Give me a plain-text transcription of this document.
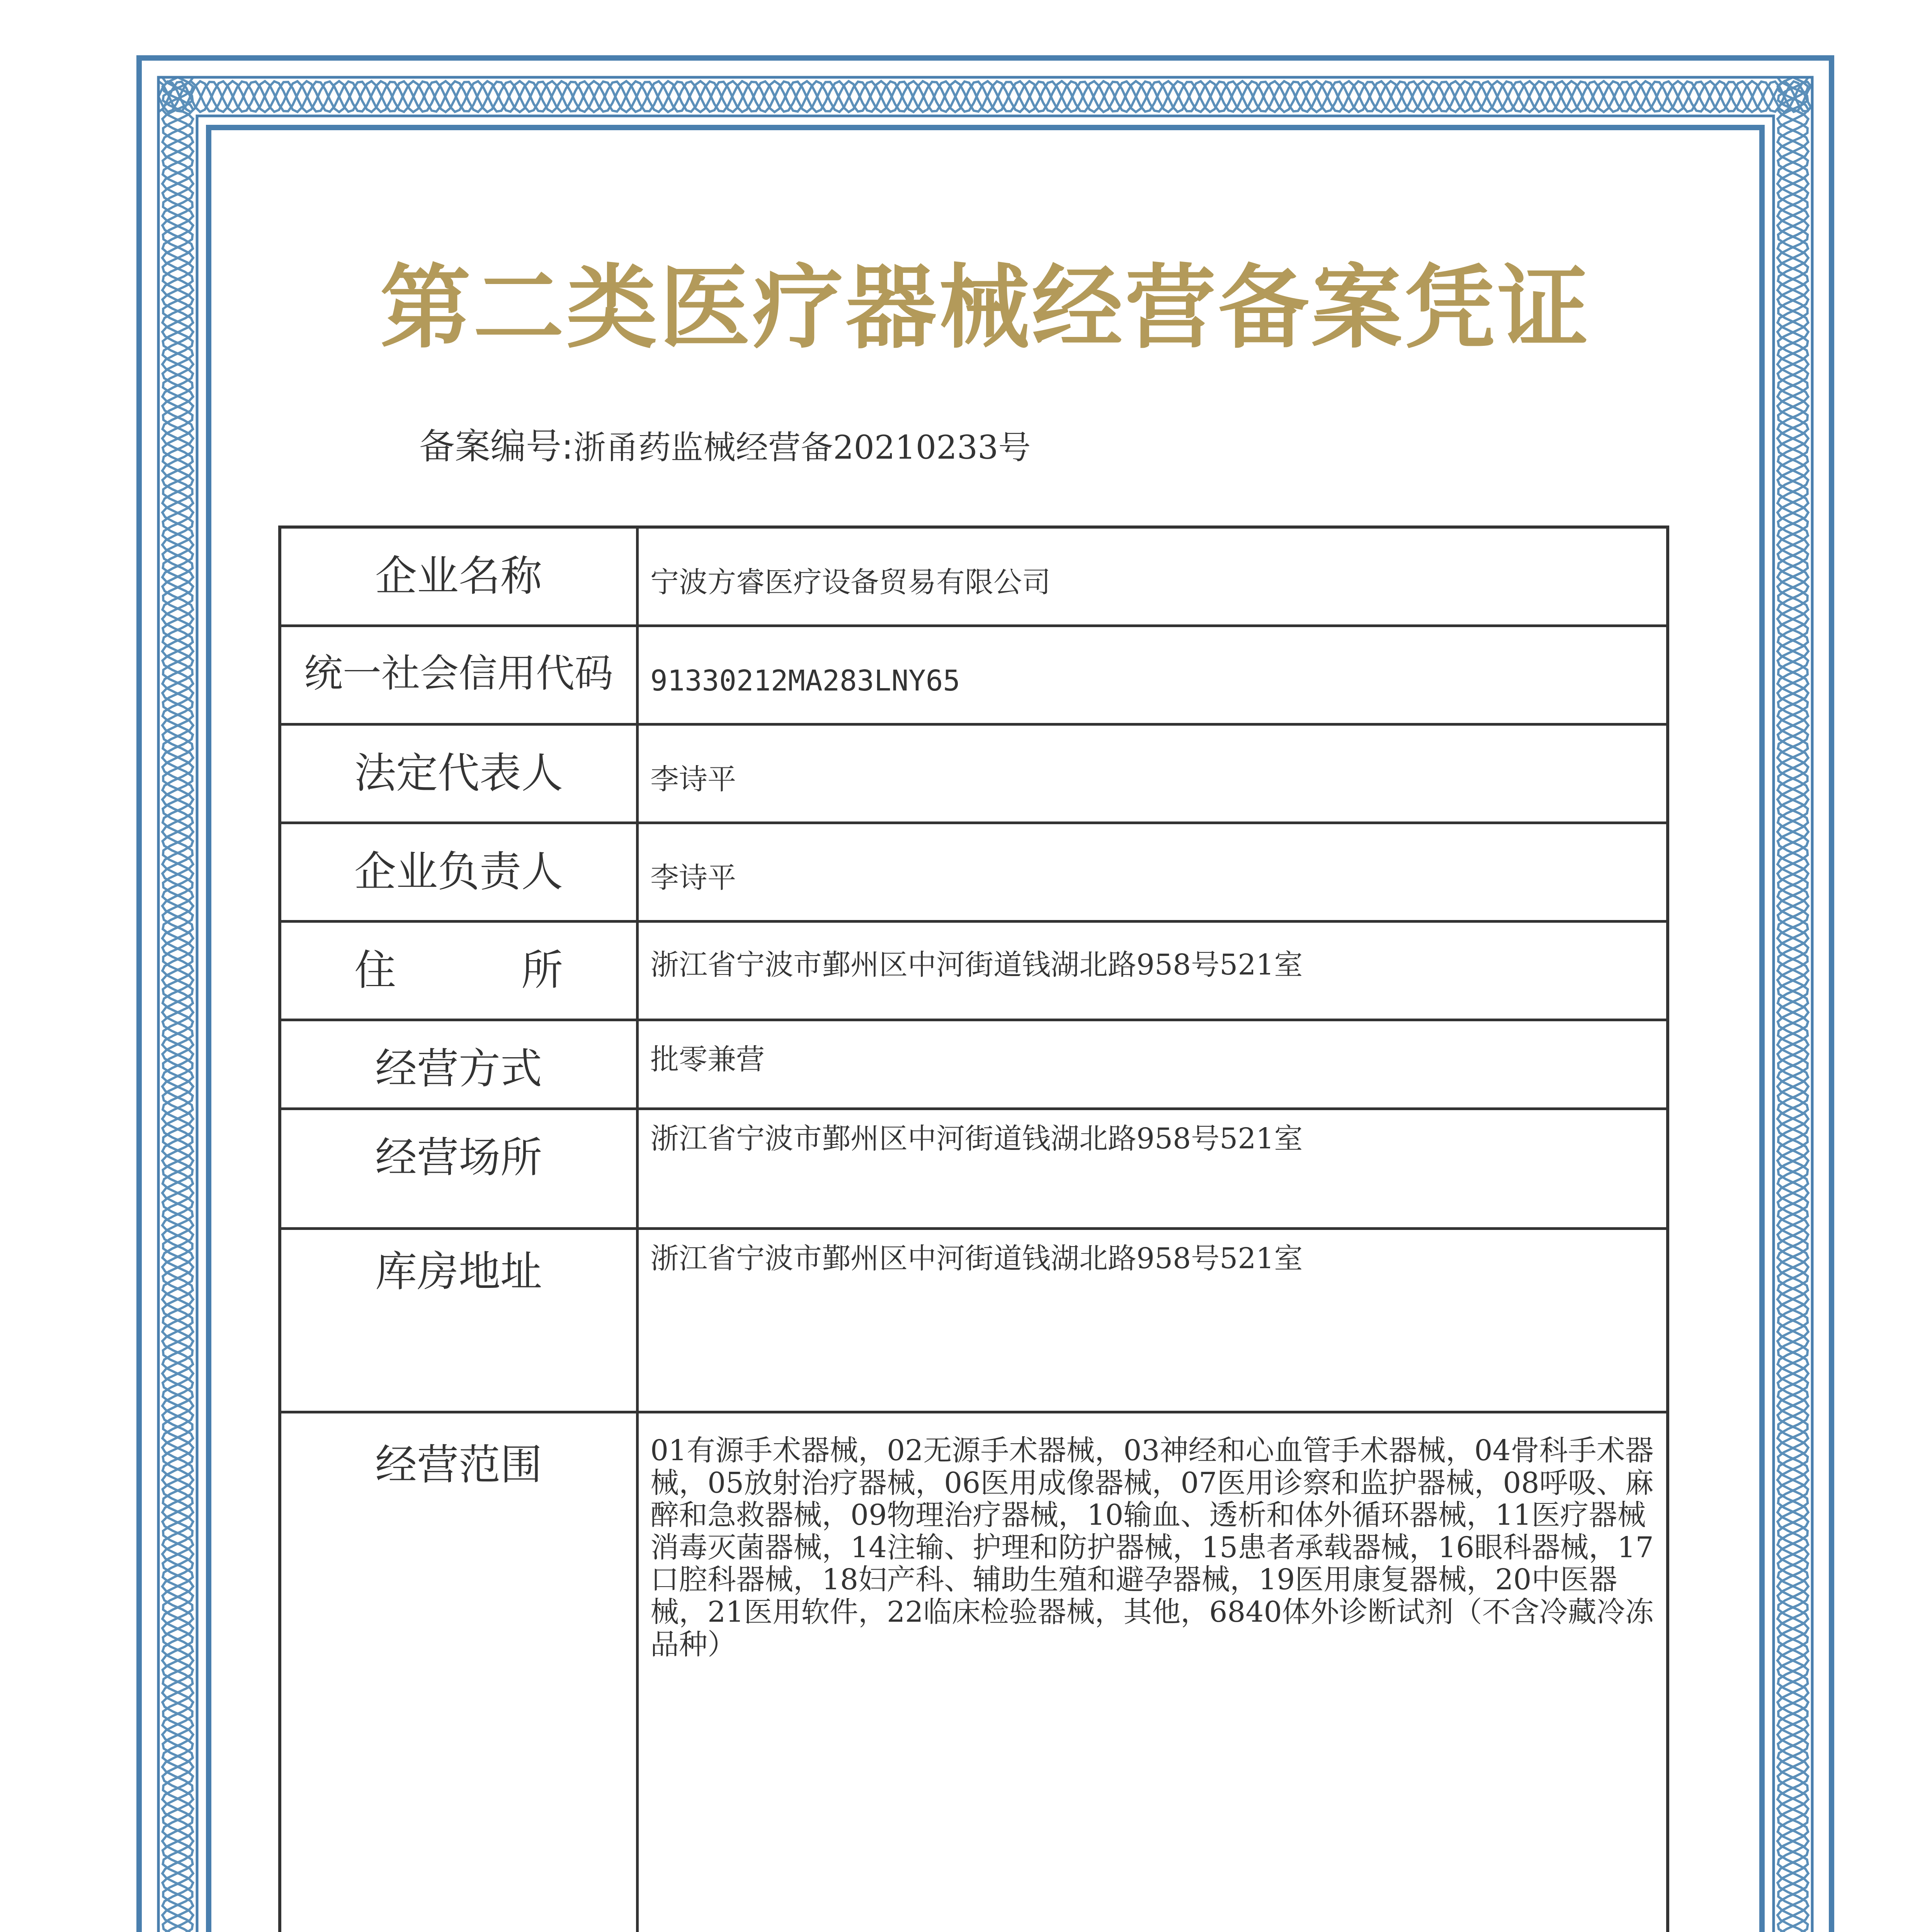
第二类医疗器械经营备案凭证
备案编号:浙甬药监械经营备20210233号
企业名称	宁波方睿医疗设备贸易有限公司
统一社会信用代码	91330212MA283LNY65
法定代表人	李诗平
企业负责人	李诗平
住　　　所	浙江省宁波市鄞州区中河街道钱湖北路958号521室
经营方式	批零兼营
经营场所	浙江省宁波市鄞州区中河街道钱湖北路958号521室
库房地址	浙江省宁波市鄞州区中河街道钱湖北路958号521室
经营范围	01有源手术器械，02无源手术器械，03神经和心血管手术器械，04骨科手术器械，05放射治疗器械，06医用成像器械，07医用诊察和监护器械，08呼吸、麻醉和急救器械，09物理治疗器械，10输血、透析和体外循环器械，11医疗器械消毒灭菌器械，14注输、护理和防护器械，15患者承载器械，16眼科器械，17口腔科器械，18妇产科、辅助生殖和避孕器械，19医用康复器械，20中医器械，21医用软件，22临床检验器械，其他，6840体外诊断试剂（不含冷藏冷冻品种）
